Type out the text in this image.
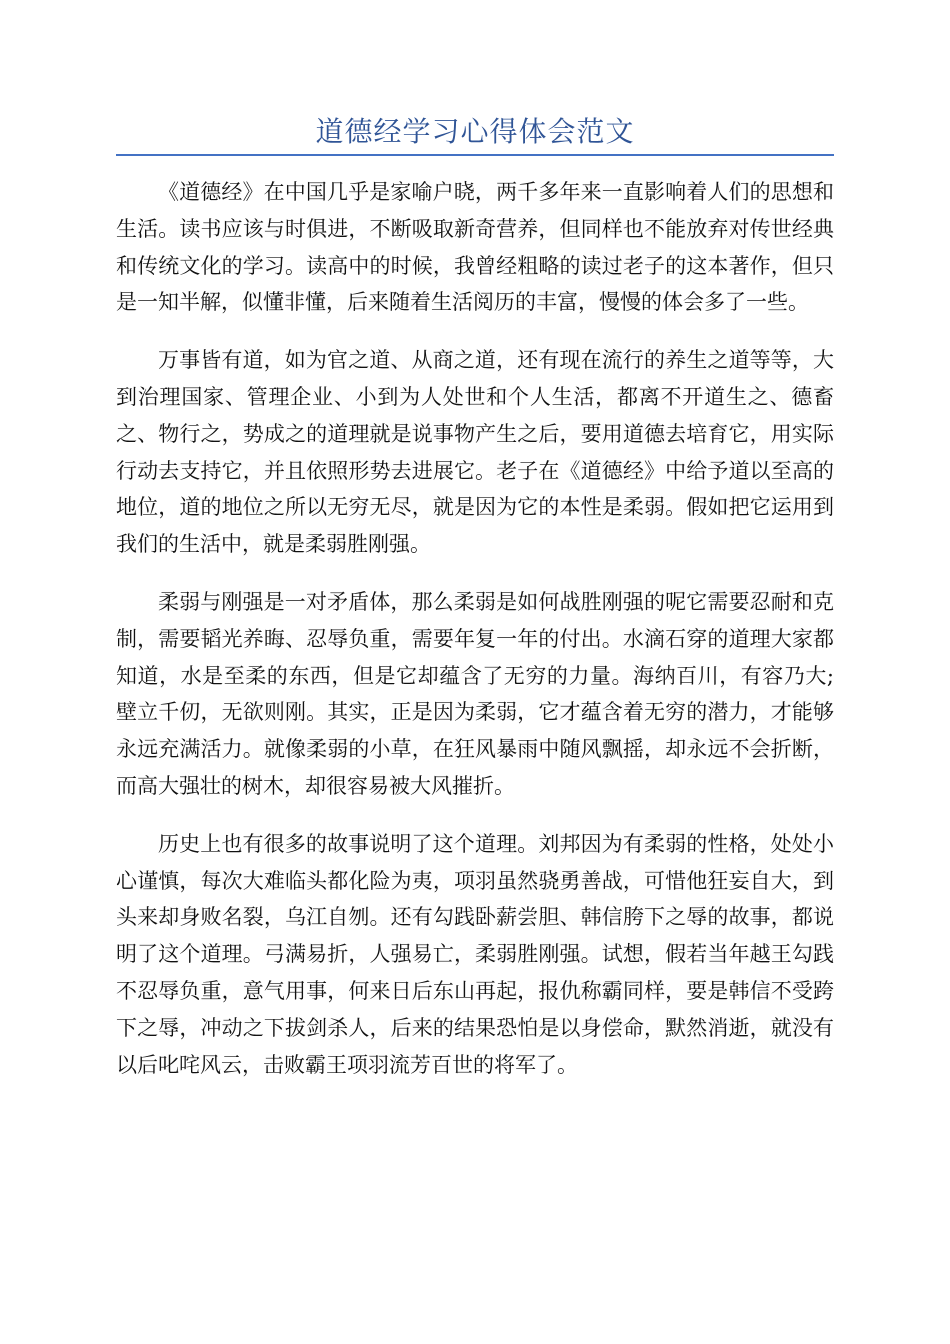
道德经学习心得体会范文

《道德经》在中国几乎是家喻户晓，两千多年来一直影响着人们的思想和生活。读书应该与时俱进，不断吸取新奇营养，但同样也不能放弃对传世经典和传统文化的学习。读高中的时候，我曾经粗略的读过老子的这本著作，但只是一知半解，似懂非懂，后来随着生活阅历的丰富，慢慢的体会多了一些。

万事皆有道，如为官之道、从商之道，还有现在流行的养生之道等等，大到治理国家、管理企业、小到为人处世和个人生活，都离不开道生之、德畜之、物行之，势成之的道理就是说事物产生之后，要用道德去培育它，用实际行动去支持它，并且依照形势去进展它。老子在《道德经》中给予道以至高的地位，道的地位之所以无穷无尽，就是因为它的本性是柔弱。假如把它运用到我们的生活中，就是柔弱胜刚强。

柔弱与刚强是一对矛盾体，那么柔弱是如何战胜刚强的呢它需要忍耐和克制，需要韬光养晦、忍辱负重，需要年复一年的付出。水滴石穿的道理大家都知道，水是至柔的东西，但是它却蕴含了无穷的力量。海纳百川，有容乃大;壁立千仞，无欲则刚。其实，正是因为柔弱，它才蕴含着无穷的潜力，才能够永远充满活力。就像柔弱的小草，在狂风暴雨中随风飘摇，却永远不会折断，而高大强壮的树木，却很容易被大风摧折。

历史上也有很多的故事说明了这个道理。刘邦因为有柔弱的性格，处处小心谨慎，每次大难临头都化险为夷，项羽虽然骁勇善战，可惜他狂妄自大，到头来却身败名裂，乌江自刎。还有勾践卧薪尝胆、韩信胯下之辱的故事，都说明了这个道理。弓满易折，人强易亡，柔弱胜刚强。试想，假若当年越王勾践不忍辱负重，意气用事，何来日后东山再起，报仇称霸同样，要是韩信不受跨下之辱，冲动之下拔剑杀人，后来的结果恐怕是以身偿命，默然消逝，就没有以后叱咤风云，击败霸王项羽流芳百世的将军了。
